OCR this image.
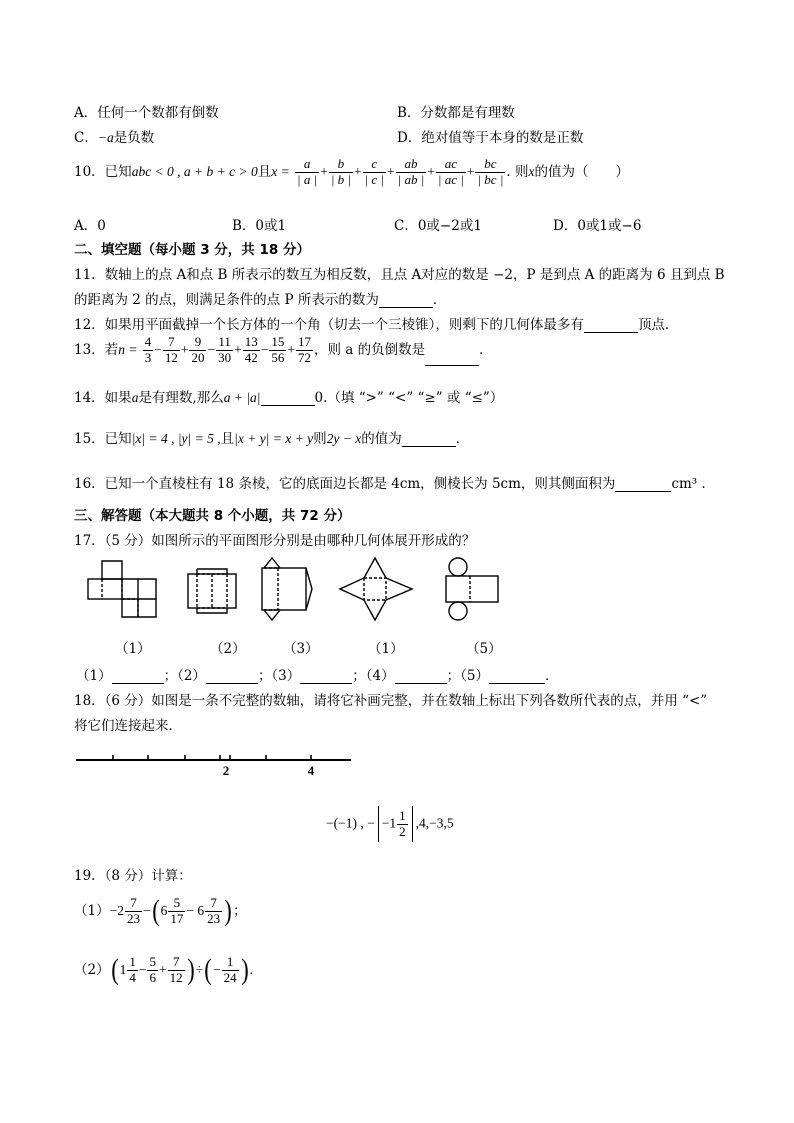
A．任何一个数都有倒数	B．分数都是有理数
C．−a是负数	D．绝对值等于本身的数是正数
10．已知abc < 0 , a + b + c > 0且$x = \frac{a}{| a |} + \frac{b}{| b |} + \frac{c}{| c |} + \frac{ab}{| ab |} + \frac{ac}{| ac |} + \frac{bc}{| bc |}$ . 则x的值为（　　）
A．0	B．0或1	C．0或−2或1	D．0或1或−6
二、填空题（每小题 3 分，共 18 分）
11．数轴上的点 A和点 B 所表示的数互为相反数，且点 A对应的数是 −2，P 是到点 A 的距离为 6 且到点 B
的距离为 2 的点，则满足条件的点 P 所表示的数为	．
12．如果用平面截掉一个长方体的一个角（切去一个三棱锥），则剩下的几何体最多有	顶点．
13．若$n = \frac{4}{3} - \frac{7}{12} + \frac{9}{20} - \frac{11}{30} + \frac{13}{42} - \frac{15}{56} + \frac{17}{72}$ ，则 a 的负倒数是	．
14．如果a是有理数,那么a + |a|	0.（填 “>” “<” “≥” 或 “≤”）
15．已知|x| = 4 , |y| = 5 ,且|x + y| = x + y则2y − x的值为	．
16．已知一个直棱柱有 18 条棱，它的底面边长都是 4cm，侧棱长为 5cm，则其侧面积为	cm³ ．
三、解答题（本大题共 8 个小题，共 72 分）
17．（5 分）如图所示的平面图形分别是由哪种几何体展开形成的？
（1）	（2）	（3）	（1）	（5）
（1）	；（2）	；（3）	；（4）	；（5）	．
18．（6 分）如图是一条不完整的数轴，请将它补画完整，并在数轴上标出下列各数所代表的点，并用 “<”
将它们连接起来．
2	4
−(−1) , − $-1 \frac{1}{2} ,4,-3,5$
19．（8 分）计算：
$(1)-2 \frac{7}{23} -(6 \frac{5}{17} - 6 \frac{7}{23}$ )；
$(2)(1 \frac{1}{4} - \frac{5}{6} + \frac{7}{12}$ )÷(− $\frac{1}{24}$ ).
